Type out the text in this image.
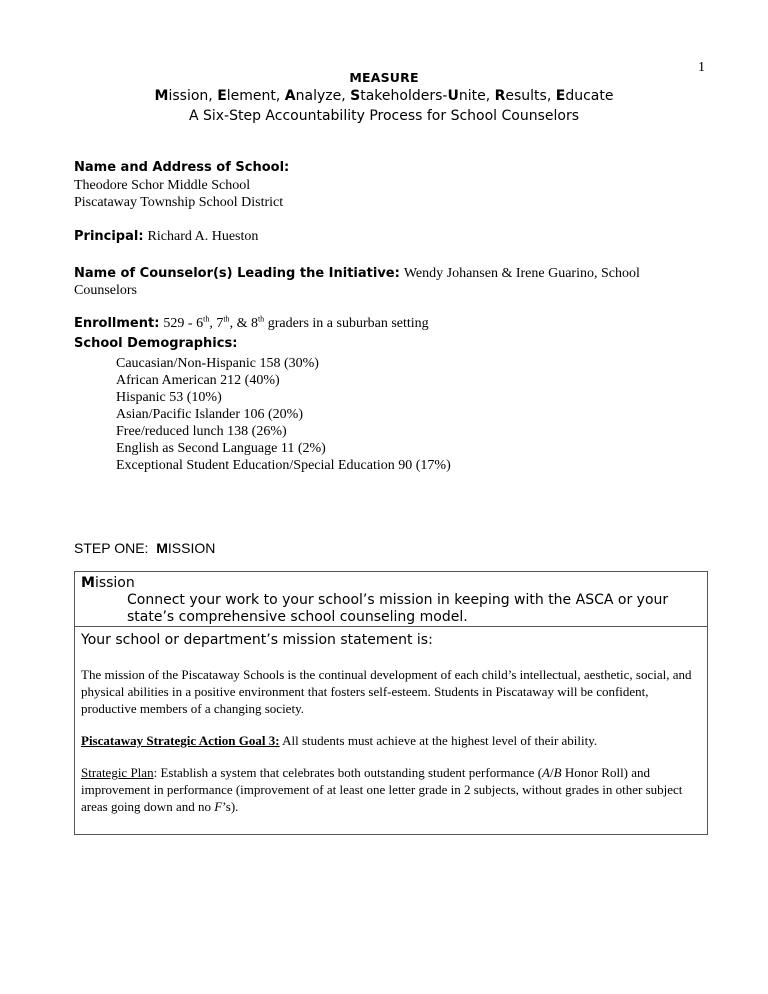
1
MEASURE
Mission, Element, Analyze, Stakeholders-Unite, Results, Educate
A Six-Step Accountability Process for School Counselors
Name and Address of School:
Theodore Schor Middle School
Piscataway Township School District
Principal: Richard A. Hueston
Name of Counselor(s) Leading the Initiative: Wendy Johansen & Irene Guarino, School
Counselors
Enrollment: 529 - 6th, 7th, & 8th graders in a suburban setting
School Demographics:
Caucasian/Non-Hispanic 158 (30%)
African American 212 (40%)
Hispanic 53 (10%)
Asian/Pacific Islander 106 (20%)
Free/reduced lunch 138 (26%)
English as Second Language 11 (2%)
Exceptional Student Education/Special Education 90 (17%)
STEP ONE:  MISSION
Mission
Connect your work to your school’s mission in keeping with the ASCA or your state’s comprehensive school counseling model.
Your school or department’s mission statement is:
The mission of the Piscataway Schools is the continual development of each child’s intellectual, aesthetic, social, and physical abilities in a positive environment that fosters self-esteem. Students in Piscataway will be confident, productive members of a changing society.
Piscataway Strategic Action Goal 3: All students must achieve at the highest level of their ability.
Strategic Plan: Establish a system that celebrates both outstanding student performance (A/B Honor Roll) and improvement in performance (improvement of at least one letter grade in 2 subjects, without grades in other subject areas going down and no F’s).
